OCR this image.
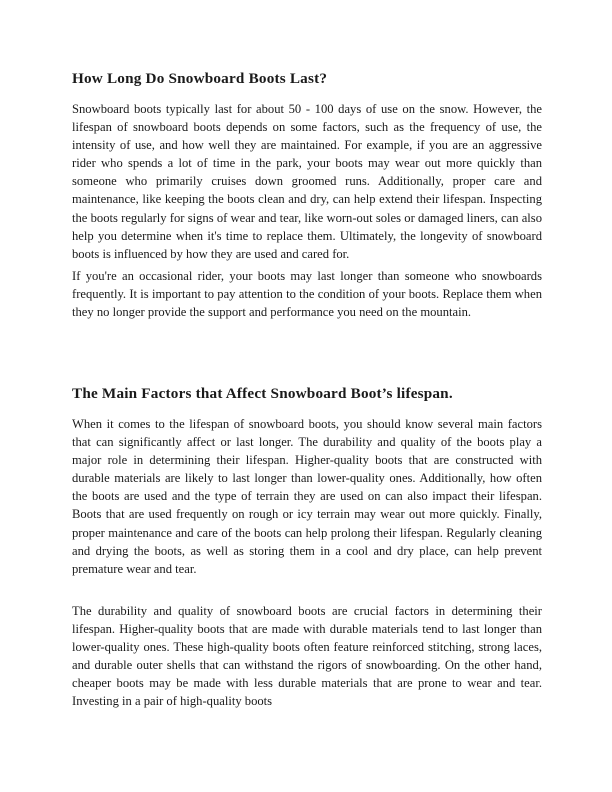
How Long Do Snowboard Boots Last?

Snowboard boots typically last for about 50 - 100 days of use on the snow. However, the lifespan of snowboard boots depends on some factors, such as the frequency of use, the intensity of use, and how well they are maintained. For example, if you are an aggressive rider who spends a lot of time in the park, your boots may wear out more quickly than someone who primarily cruises down groomed runs. Additionally, proper care and maintenance, like keeping the boots clean and dry, can help extend their lifespan. Inspecting the boots regularly for signs of wear and tear, like worn-out soles or damaged liners, can also help you determine when it's time to replace them. Ultimately, the longevity of snowboard boots is influenced by how they are used and cared for.

If you're an occasional rider, your boots may last longer than someone who snowboards frequently. It is important to pay attention to the condition of your boots. Replace them when they no longer provide the support and performance you need on the mountain.

The Main Factors that Affect Snowboard Boot’s lifespan.

When it comes to the lifespan of snowboard boots, you should know several main factors that can significantly affect or last longer. The durability and quality of the boots play a major role in determining their lifespan. Higher-quality boots that are constructed with durable materials are likely to last longer than lower-quality ones. Additionally, how often the boots are used and the type of terrain they are used on can also impact their lifespan. Boots that are used frequently on rough or icy terrain may wear out more quickly. Finally, proper maintenance and care of the boots can help prolong their lifespan. Regularly cleaning and drying the boots, as well as storing them in a cool and dry place, can help prevent premature wear and tear.

The durability and quality of snowboard boots are crucial factors in determining their lifespan. Higher-quality boots that are made with durable materials tend to last longer than lower-quality ones. These high-quality boots often feature reinforced stitching, strong laces, and durable outer shells that can withstand the rigors of snowboarding. On the other hand, cheaper boots may be made with less durable materials that are prone to wear and tear. Investing in a pair of high-quality boots
